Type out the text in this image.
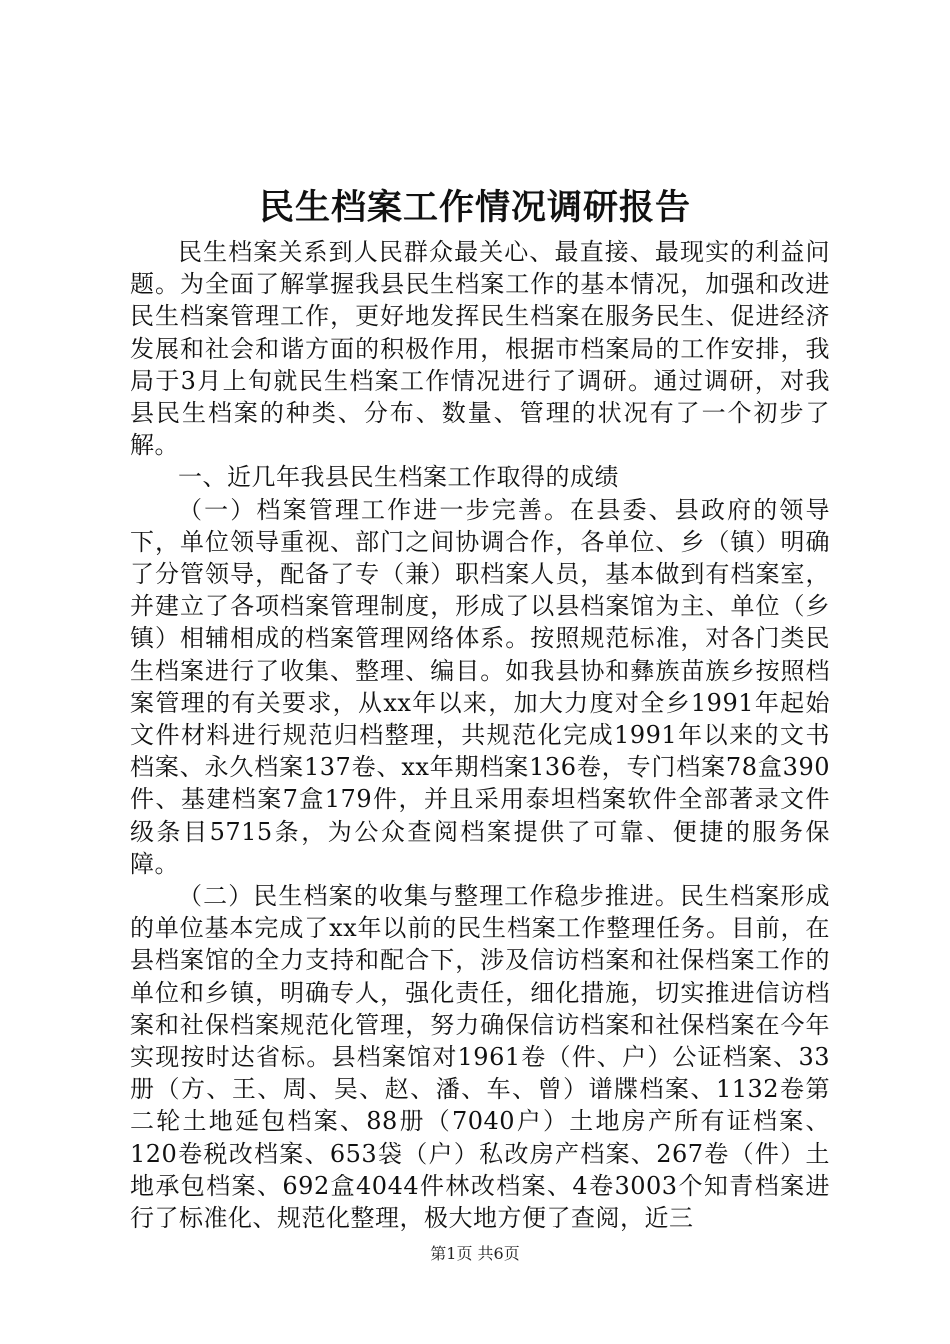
民生档案工作情况调研报告

民生档案关系到人民群众最关心、最直接、最现实的利益问题。为全面了解掌握我县民生档案工作的基本情况，加强和改进民生档案管理工作，更好地发挥民生档案在服务民生、促进经济发展和社会和谐方面的积极作用，根据市档案局的工作安排，我局于3月上旬就民生档案工作情况进行了调研。通过调研，对我县民生档案的种类、分布、数量、管理的状况有了一个初步了解。

一、近几年我县民生档案工作取得的成绩

（一）档案管理工作进一步完善。在县委、县政府的领导下，单位领导重视、部门之间协调合作，各单位、乡（镇）明确了分管领导，配备了专（兼）职档案人员，基本做到有档案室，并建立了各项档案管理制度，形成了以县档案馆为主、单位（乡镇）相辅相成的档案管理网络体系。按照规范标准，对各门类民生档案进行了收集、整理、编目。如我县协和彝族苗族乡按照档案管理的有关要求，从xx年以来，加大力度对全乡1991年起始文件材料进行规范归档整理，共规范化完成1991年以来的文书档案、永久档案137卷、xx年期档案136卷，专门档案78盒390件、基建档案7盒179件，并且采用泰坦档案软件全部著录文件级条目5715条，为公众查阅档案提供了可靠、便捷的服务保障。

（二）民生档案的收集与整理工作稳步推进。民生档案形成的单位基本完成了xx年以前的民生档案工作整理任务。目前，在县档案馆的全力支持和配合下，涉及信访档案和社保档案工作的单位和乡镇，明确专人，强化责任，细化措施，切实推进信访档案和社保档案规范化管理，努力确保信访档案和社保档案在今年实现按时达省标。县档案馆对1961卷（件、户）公证档案、33册（方、王、周、吴、赵、潘、车、曾）谱牒档案、1132卷第二轮土地延包档案、88册（7040户）土地房产所有证档案、120卷税改档案、653袋（户）私改房产档案、267卷（件）土地承包档案、692盒4044件林改档案、4卷3003个知青档案进行了标准化、规范化整理，极大地方便了查阅，近三

第1页 共6页
